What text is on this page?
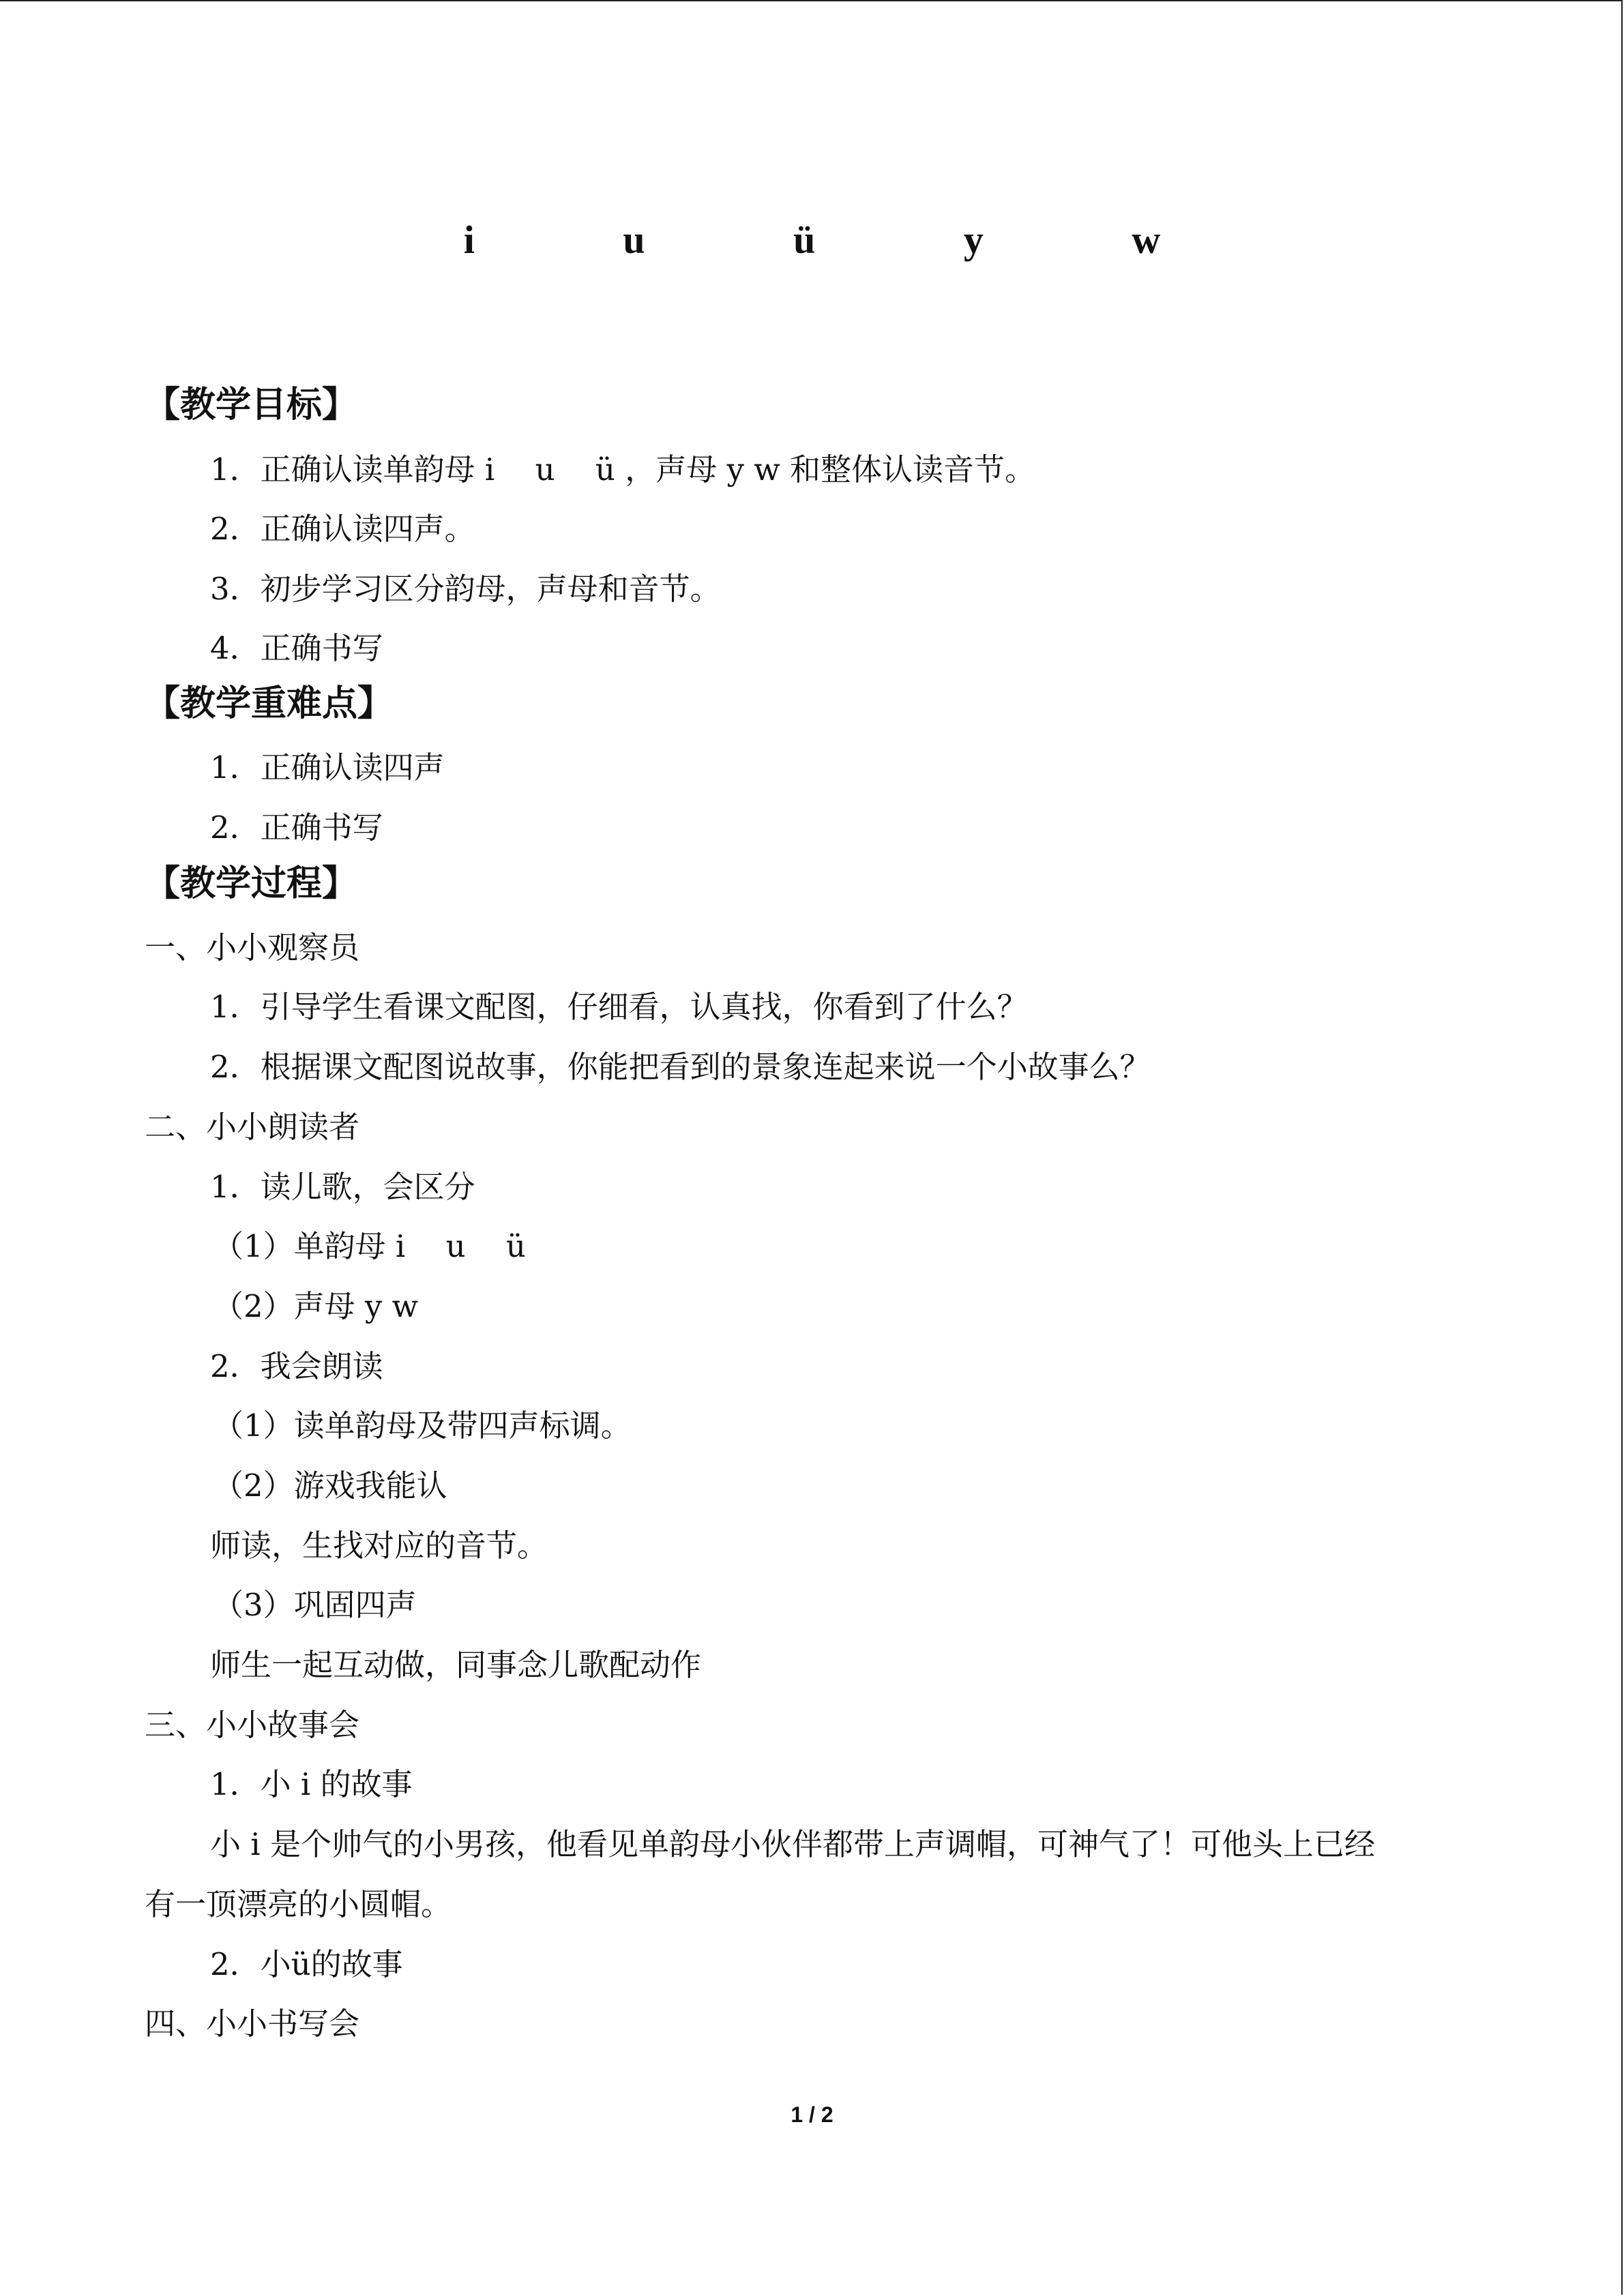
i   u   ü   y   w
【教学目标】
1．正确认读单韵母 i　 u　 ü ，声母 y w 和整体认读音节。
2．正确认读四声。
3．初步学习区分韵母，声母和音节。
4．正确书写
【教学重难点】
1．正确认读四声
2．正确书写
【教学过程】
一、小小观察员
1．引导学生看课文配图，仔细看，认真找，你看到了什么？
2．根据课文配图说故事，你能把看到的景象连起来说一个小故事么？
二、小小朗读者
1．读儿歌，会区分
（1）单韵母 i　 u　 ü
（2）声母 y w
2．我会朗读
（1）读单韵母及带四声标调。
（2）游戏我能认
师读，生找对应的音节。
（3）巩固四声
师生一起互动做，同事念儿歌配动作
三、小小故事会
1．小 i 的故事
小 i 是个帅气的小男孩，他看见单韵母小伙伴都带上声调帽，可神气了！可他头上已经
有一顶漂亮的小圆帽。
2．小ü的故事
四、小小书写会
1 / 2
